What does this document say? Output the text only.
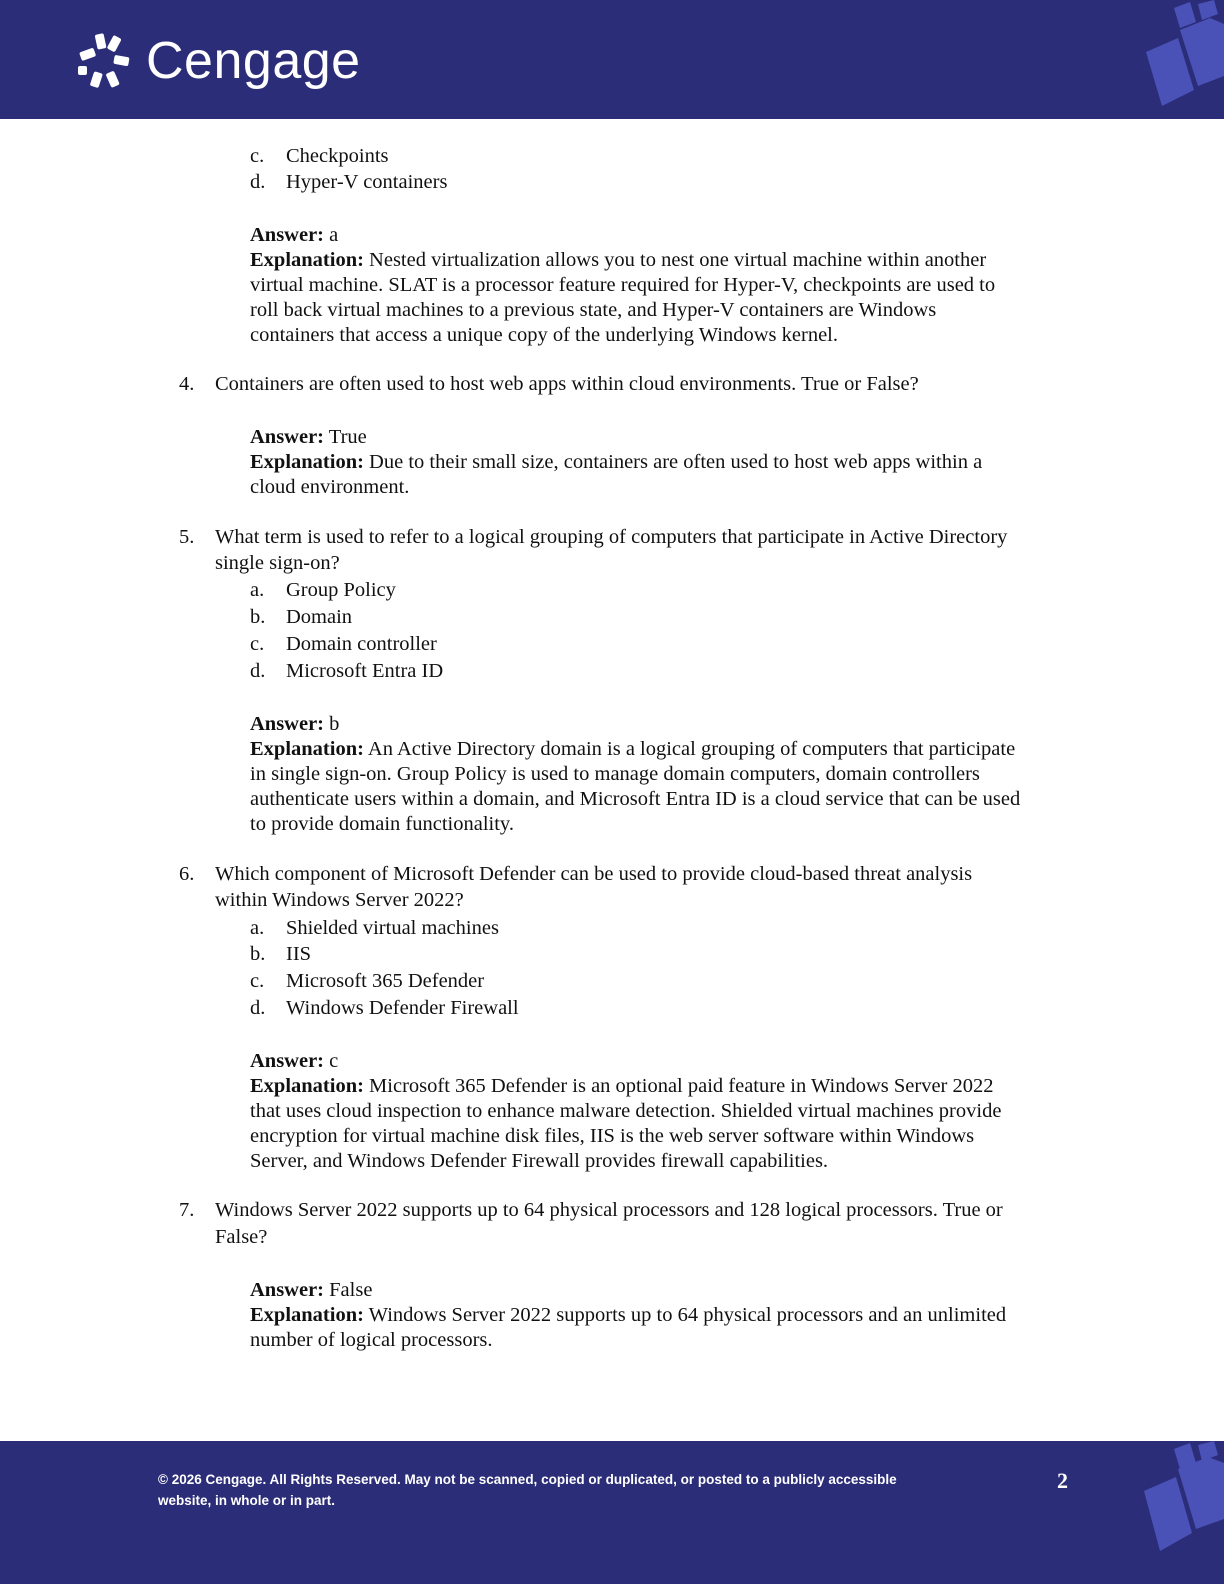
Cengage
c. Checkpoints
d. Hyper-V containers
Answer: a
Explanation: Nested virtualization allows you to nest one virtual machine within another
virtual machine. SLAT is a processor feature required for Hyper-V, checkpoints are used to
roll back virtual machines to a previous state, and Hyper-V containers are Windows
containers that access a unique copy of the underlying Windows kernel.
4. Containers are often used to host web apps within cloud environments. True or False?
Answer: True
Explanation: Due to their small size, containers are often used to host web apps within a
cloud environment.
5. What term is used to refer to a logical grouping of computers that participate in Active Directory
single sign-on?
a. Group Policy
b. Domain
c. Domain controller
d. Microsoft Entra ID
Answer: b
Explanation: An Active Directory domain is a logical grouping of computers that participate
in single sign-on. Group Policy is used to manage domain computers, domain controllers
authenticate users within a domain, and Microsoft Entra ID is a cloud service that can be used
to provide domain functionality.
6. Which component of Microsoft Defender can be used to provide cloud-based threat analysis
within Windows Server 2022?
a. Shielded virtual machines
b. IIS
c. Microsoft 365 Defender
d. Windows Defender Firewall
Answer: c
Explanation: Microsoft 365 Defender is an optional paid feature in Windows Server 2022
that uses cloud inspection to enhance malware detection. Shielded virtual machines provide
encryption for virtual machine disk files, IIS is the web server software within Windows
Server, and Windows Defender Firewall provides firewall capabilities.
7. Windows Server 2022 supports up to 64 physical processors and 128 logical processors. True or
False?
Answer: False
Explanation: Windows Server 2022 supports up to 64 physical processors and an unlimited
number of logical processors.
© 2026 Cengage. All Rights Reserved. May not be scanned, copied or duplicated, or posted to a publicly accessible
website, in whole or in part.
2
